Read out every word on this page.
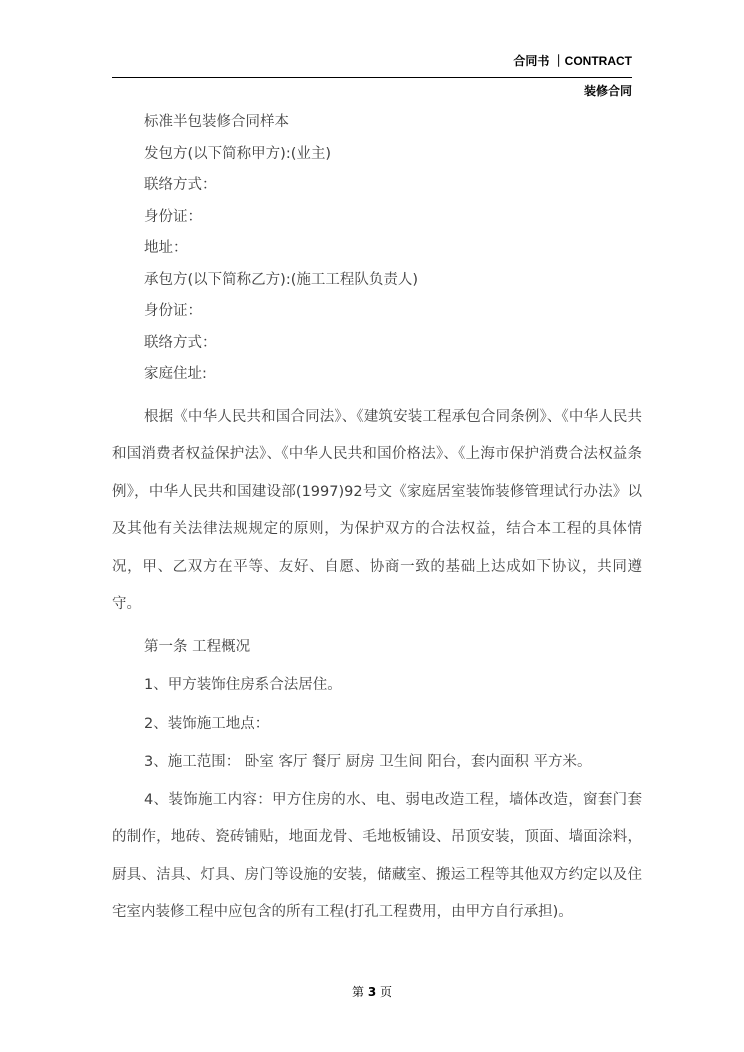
合同书 ｜CONTRACT
装修合同

标准半包装修合同样本

发包方(以下简称甲方):(业主)

联络方式：

身份证：

地址：

承包方(以下简称乙方):(施工工程队负责人)

身份证：

联络方式：

家庭住址:

根据《中华人民共和国合同法》、《建筑安装工程承包合同条例》、《中华人民共和国消费者权益保护法》、《中华人民共和国价格法》、《上海市保护消费合法权益条例》，中华人民共和国建设部(1997)92号文《家庭居室装饰装修管理试行办法》以及其他有关法律法规规定的原则，为保护双方的合法权益，结合本工程的具体情况，甲、乙双方在平等、友好、自愿、协商一致的基础上达成如下协议，共同遵守。

第一条 工程概况

1、甲方装饰住房系合法居住。

2、装饰施工地点：

3、施工范围： 卧室 客厅 餐厅 厨房 卫生间 阳台，套内面积 平方米。

4、装饰施工内容：甲方住房的水、电、弱电改造工程，墙体改造，窗套门套的制作，地砖、瓷砖铺贴，地面龙骨、毛地板铺设、吊顶安装，顶面、墙面涂料，厨具、洁具、灯具、房门等设施的安装，储藏室、搬运工程等其他双方约定以及住宅室内装修工程中应包含的所有工程(打孔工程费用，由甲方自行承担)。

第 3 页
